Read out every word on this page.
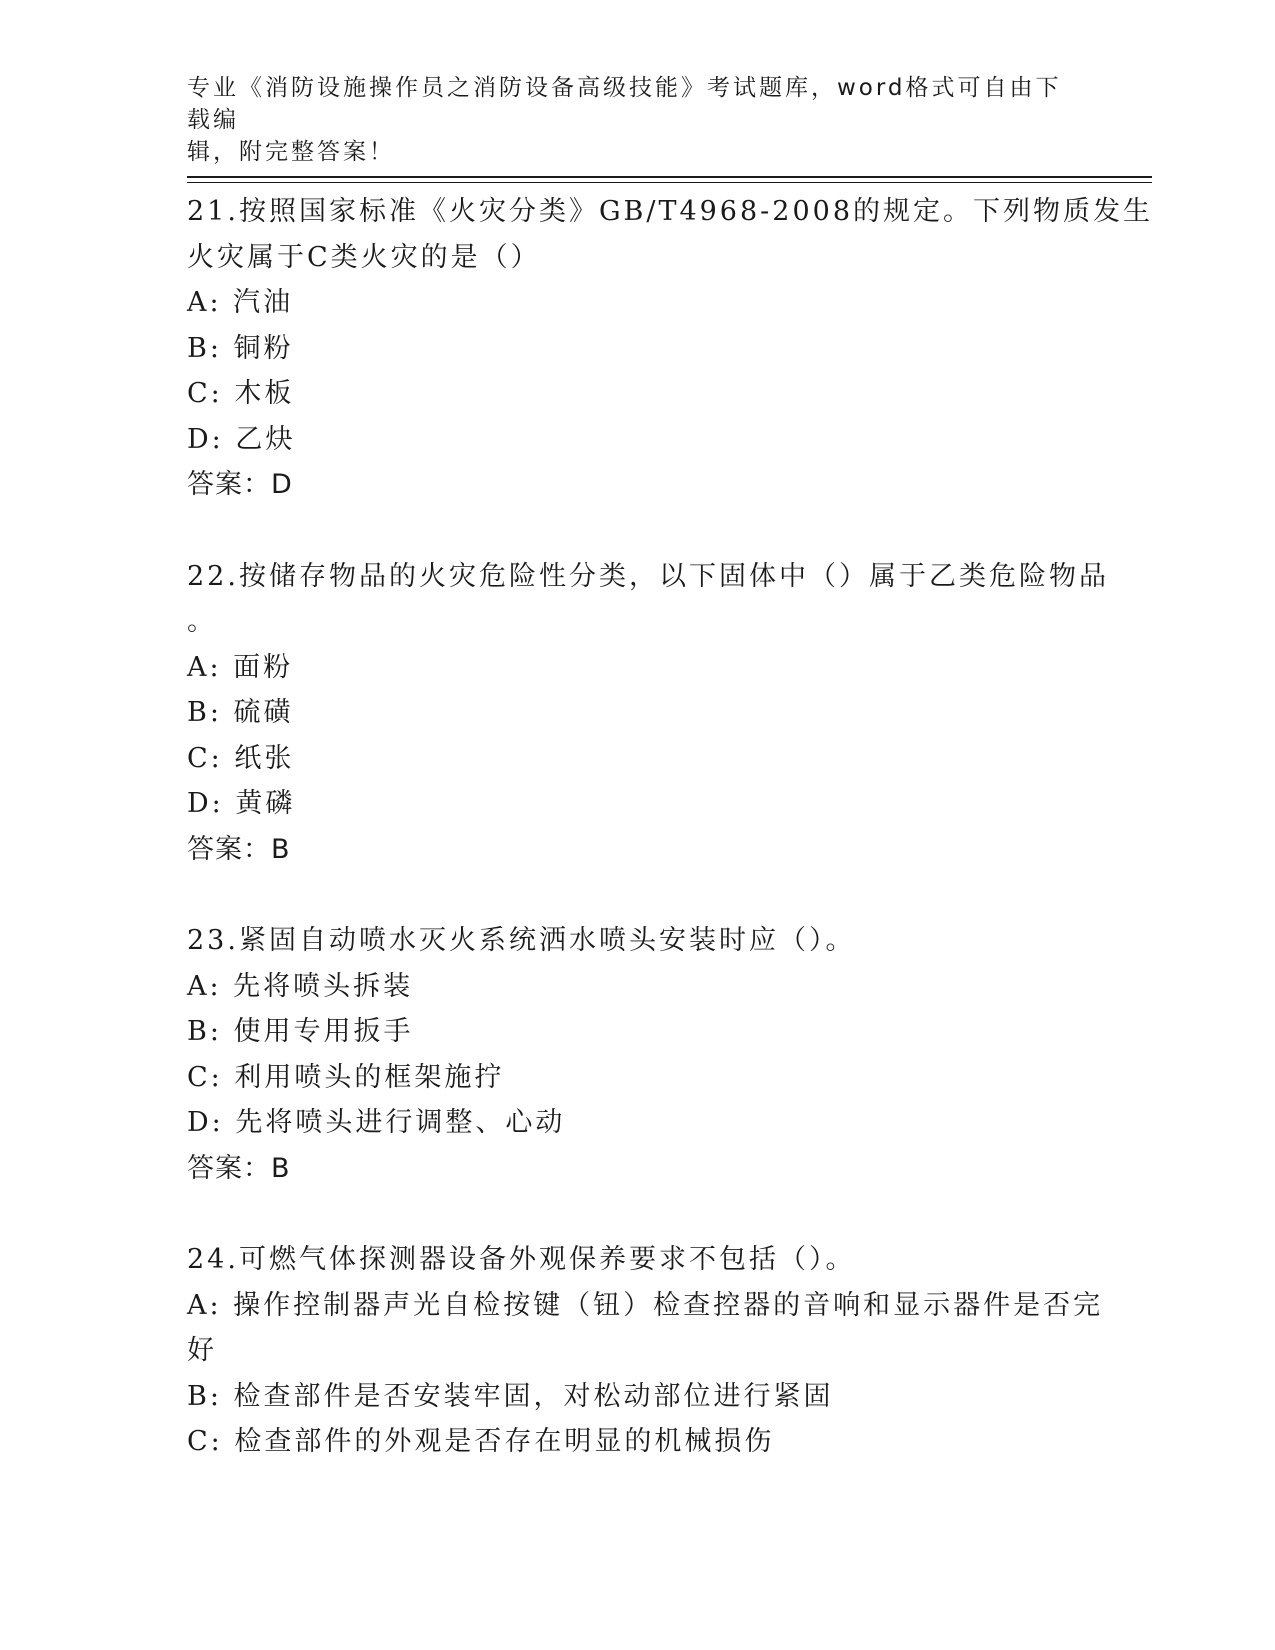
专业《消防设施操作员之消防设备高级技能》考试题库，word格式可自由下载编
辑，附完整答案！
21.按照国家标准《火灾分类》GB/T4968-2008的规定。下列物质发生
火灾属于C类火灾的是（）
A: 汽油
B: 铜粉
C: 木板
D: 乙炔
答案：D
22.按储存物品的火灾危险性分类，以下固体中（）属于乙类危险物品
。
A: 面粉
B: 硫磺
C: 纸张
D: 黄磷
答案：B
23.紧固自动喷水灭火系统洒水喷头安装时应（）。
A: 先将喷头拆装
B: 使用专用扳手
C: 利用喷头的框架施拧
D: 先将喷头进行调整、心动
答案：B
24.可燃气体探测器设备外观保养要求不包括（）。
A: 操作控制器声光自检按键（钮）检查控器的音响和显示器件是否完
好
B: 检查部件是否安装牢固，对松动部位进行紧固
C: 检查部件的外观是否存在明显的机械损伤
